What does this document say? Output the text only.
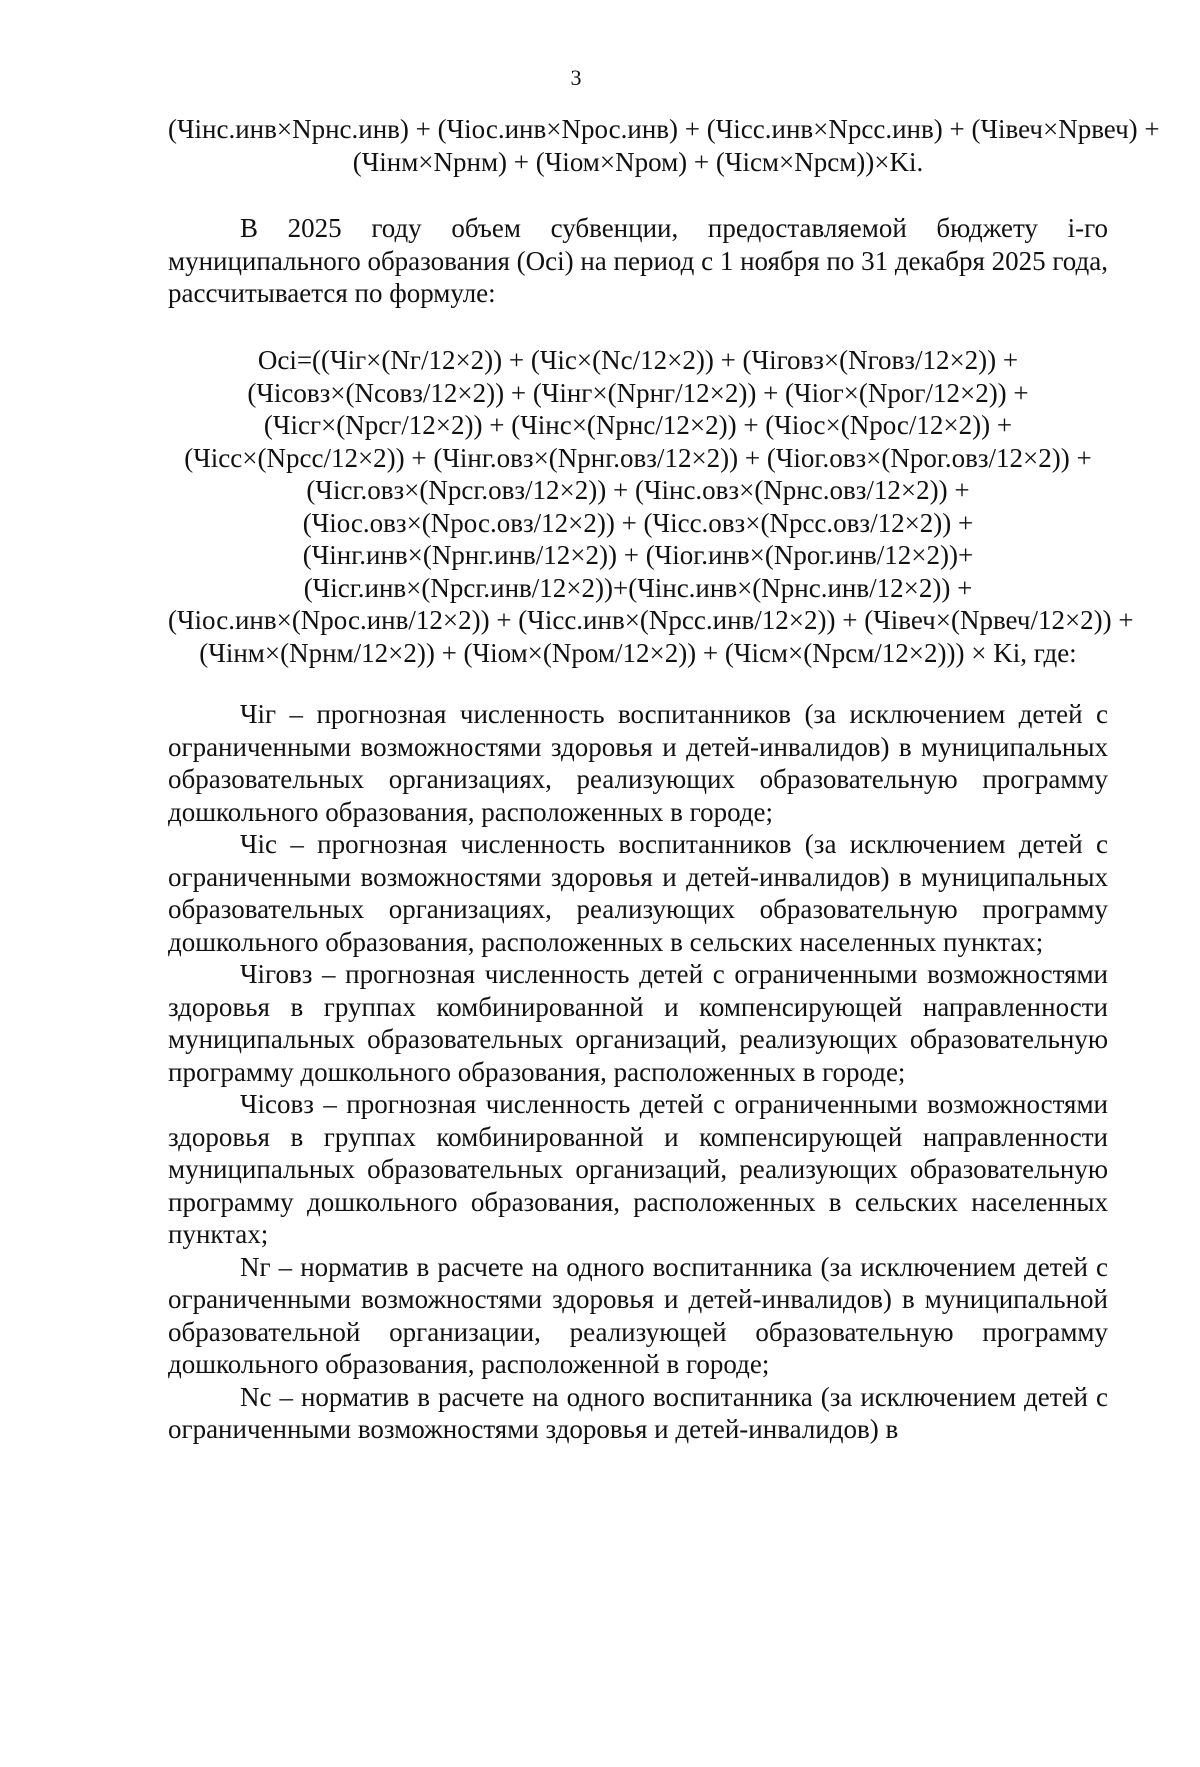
3
(Чiнс.инв×Npнс.инв) + (Чiос.инв×Npос.инв) + (Чiсс.инв×Npсс.инв) + (Чiвеч×Npвеч) +
(Чiнм×Npнм) + (Чiом×Npом) + (Чiсм×Npсм))×Ki.

В 2025 году объем субвенции, предоставляемой бюджету i-го муниципального образования (Oci) на период с 1 ноября по 31 декабря 2025 года, рассчитывается по формуле:

Oci=((Чiг×(Nг/12×2)) + (Чiс×(Nс/12×2)) + (Чiговз×(Nговз/12×2)) +
(Чiсовз×(Nсовз/12×2)) + (Чiнг×(Npнг/12×2)) + (Чiог×(Npог/12×2)) +
(Чiсг×(Npсг/12×2)) + (Чiнс×(Npнс/12×2)) + (Чiос×(Npос/12×2)) +
(Чiсс×(Npсс/12×2)) + (Чiнг.овз×(Npнг.овз/12×2)) + (Чiог.овз×(Npог.овз/12×2)) +
(Чiсг.овз×(Npсг.овз/12×2)) + (Чiнс.овз×(Npнс.овз/12×2)) +
(Чiос.овз×(Npос.овз/12×2)) + (Чiсс.овз×(Npсс.овз/12×2)) +
(Чiнг.инв×(Npнг.инв/12×2)) + (Чiог.инв×(Npог.инв/12×2))+
(Чiсг.инв×(Npсг.инв/12×2))+(Чiнс.инв×(Npнс.инв/12×2)) +
(Чiос.инв×(Npос.инв/12×2)) + (Чiсс.инв×(Npсс.инв/12×2)) + (Чiвеч×(Npвеч/12×2)) +
(Чiнм×(Npнм/12×2)) + (Чiом×(Npом/12×2)) + (Чiсм×(Npсм/12×2))) × Ki, где:

Чiг – прогнозная численность воспитанников (за исключением детей с ограниченными возможностями здоровья и детей-инвалидов) в муниципальных образовательных организациях, реализующих образовательную программу дошкольного образования, расположенных в городе;

Чiс – прогнозная численность воспитанников (за исключением детей с ограниченными возможностями здоровья и детей-инвалидов) в муниципальных образовательных организациях, реализующих образовательную программу дошкольного образования, расположенных в сельских населенных пунктах;

Чiговз – прогнозная численность детей с ограниченными возможностями здоровья в группах комбинированной и компенсирующей направленности муниципальных образовательных организаций, реализующих образовательную программу дошкольного образования, расположенных в городе;

Чiсовз – прогнозная численность детей с ограниченными возможностями здоровья в группах комбинированной и компенсирующей направленности муниципальных образовательных организаций, реализующих образовательную программу дошкольного образования, расположенных в сельских населенных пунктах;

Nг – норматив в расчете на одного воспитанника (за исключением детей с ограниченными возможностями здоровья и детей-инвалидов) в муниципальной образовательной организации, реализующей образовательную программу дошкольного образования, расположенной в городе;

Nс – норматив в расчете на одного воспитанника (за исключением детей с ограниченными возможностями здоровья и детей-инвалидов) в
